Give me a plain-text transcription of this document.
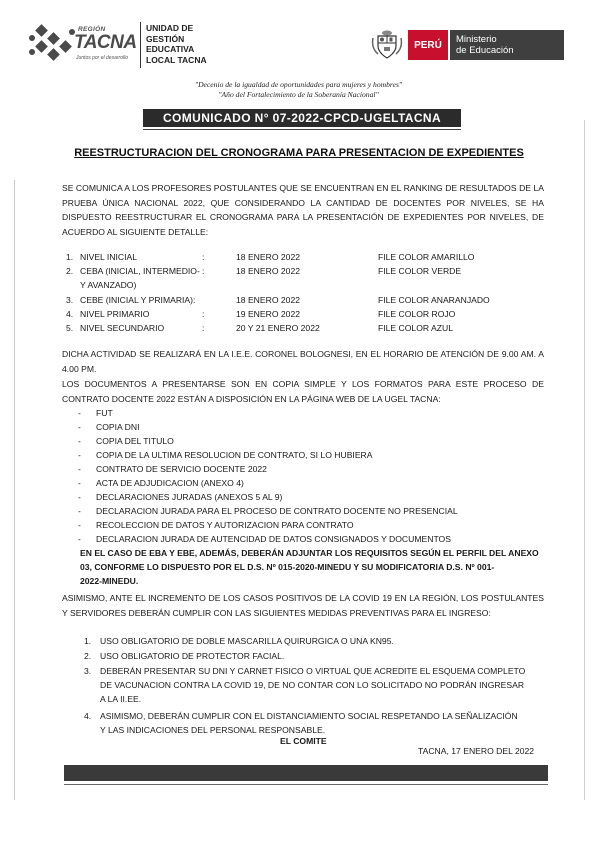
REGIÓN
TACNA
Juntos por el desarrollo
UNIDAD DE
GESTIÓN
EDUCATIVA
LOCAL TACNA
PERÚ	Ministerio
de Educación
"Decenio de la igualdad de oportunidades para mujeres y hombres"
"Año del Fortalecimiento de la Soberanía Nacional"
COMUNICADO N° 07-2022-CPCD-UGELTACNA
REESTRUCTURACION DEL CRONOGRAMA PARA PRESENTACION DE EXPEDIENTES
SE COMUNICA A LOS PROFESORES POSTULANTES QUE SE ENCUENTRAN EN EL RANKING DE RESULTADOS DE LA PRUEBA ÚNICA NACIONAL 2022, QUE CONSIDERANDO LA CANTIDAD DE DOCENTES POR NIVELES, SE HA DISPUESTO REESTRUCTURAR EL CRONOGRAMA PARA LA PRESENTACIÓN DE EXPEDIENTES POR NIVELES, DE ACUERDO AL SIGUIENTE DETALLE:
1. NIVEL INICIAL	:	18 ENERO 2022	FILE COLOR AMARILLO
2. CEBA (INICIAL, INTERMEDIO- :	18 ENERO 2022	FILE COLOR VERDE
Y AVANZADO)
3. CEBE (INICIAL Y PRIMARIA):	18 ENERO 2022	FILE COLOR ANARANJADO
4. NIVEL PRIMARIO	:	19 ENERO 2022	FILE COLOR ROJO
5. NIVEL SECUNDARIO	:	20 Y 21 ENERO 2022	FILE COLOR AZUL
DICHA ACTIVIDAD SE REALIZARÁ EN LA I.E.E. CORONEL BOLOGNESI, EN EL HORARIO DE ATENCIÓN DE 9.00 AM. A 4.00 PM.
LOS DOCUMENTOS A PRESENTARSE SON EN COPIA SIMPLE Y LOS FORMATOS PARA ESTE PROCESO DE CONTRATO DOCENTE 2022 ESTÁN A DISPOSICIÓN EN LA PÁGINA WEB DE LA UGEL TACNA:
- FUT
- COPIA DNI
- COPIA DEL TITULO
- COPIA DE LA ULTIMA RESOLUCION DE CONTRATO, SI LO HUBIERA
- CONTRATO DE SERVICIO DOCENTE 2022
- ACTA DE ADJUDICACION (ANEXO 4)
- DECLARACIONES JURADAS (ANEXOS 5 AL 9)
- DECLARACION JURADA PARA EL PROCESO DE CONTRATO DOCENTE NO PRESENCIAL
- RECOLECCION DE DATOS Y AUTORIZACION PARA CONTRATO
- DECLARACION JURADA DE AUTENCIDAD DE DATOS CONSIGNADOS Y DOCUMENTOS
EN EL CASO DE EBA Y EBE, ADEMÁS, DEBERÁN ADJUNTAR LOS REQUISITOS SEGÚN EL PERFIL DEL ANEXO
03, CONFORME LO DISPUESTO POR EL D.S. Nº 015-2020-MINEDU Y SU MODIFICATORIA D.S. Nº 001-
2022-MINEDU.
ASIMISMO, ANTE EL INCREMENTO DE LOS CASOS POSITIVOS DE LA COVID 19 EN LA REGIÓN, LOS POSTULANTES Y SERVIDORES DEBERÁN CUMPLIR CON LAS SIGUIENTES MEDIDAS PREVENTIVAS PARA EL INGRESO:
1. USO OBLIGATORIO DE DOBLE MASCARILLA QUIRURGICA O UNA KN95.
2. USO OBLIGATORIO DE PROTECTOR FACIAL.
3. DEBERÁN PRESENTAR SU DNI Y CARNET FISICO O VIRTUAL QUE ACREDITE EL ESQUEMA COMPLETO
DE VACUNACION CONTRA LA COVID 19, DE NO CONTAR CON LO SOLICITADO NO PODRÁN INGRESAR
A LA II.EE.
4. ASIMISMO, DEBERÁN CUMPLIR CON EL DISTANCIAMIENTO SOCIAL RESPETANDO LA SEÑALIZACIÓN
Y LAS INDICACIONES DEL PERSONAL RESPONSABLE.
EL COMITE
TACNA, 17 ENERO DEL 2022
